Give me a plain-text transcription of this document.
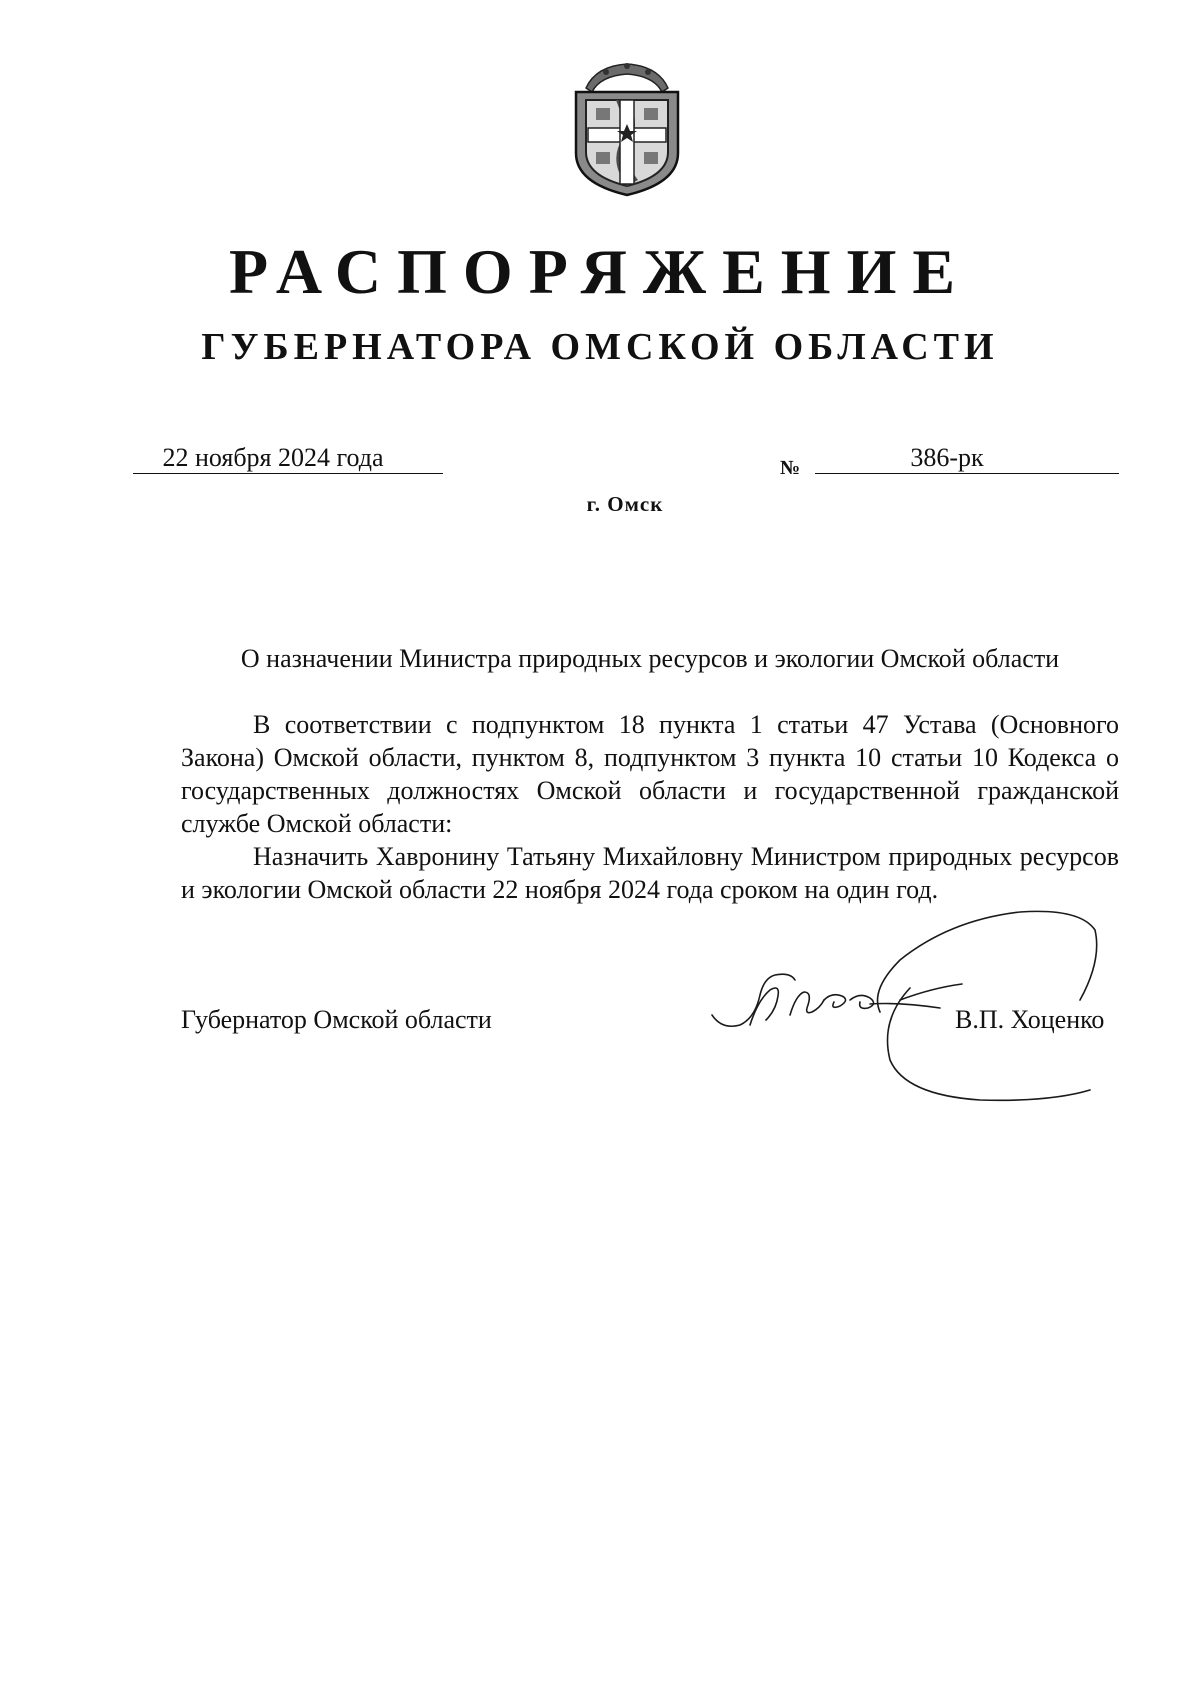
РАСПОРЯЖЕНИЕ
ГУБЕРНАТОРА ОМСКОЙ ОБЛАСТИ
22 ноября 2024 года	№	386-рк
г. Омск
О назначении Министра природных ресурсов и экологии Омской области

В соответствии с подпунктом 18 пункта 1 статьи 47 Устава (Основного Закона) Омской области, пунктом 8, подпунктом 3 пункта 10 статьи 10 Кодекса о государственных должностях Омской области и государственной гражданской службе Омской области:

Назначить Хавронину Татьяну Михайловну Министром природных ресурсов и экологии Омской области 22 ноября 2024 года сроком на один год.

Губернатор Омской области	В.П. Хоценко
